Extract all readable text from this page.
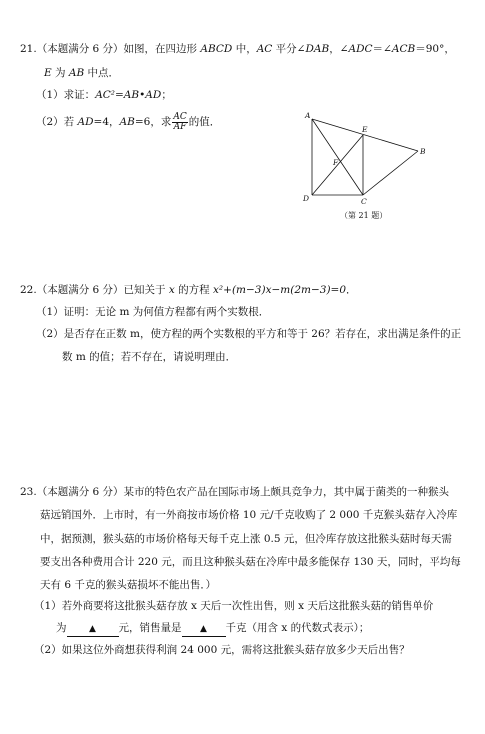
21.（本题满分 6 分）如图，在四边形 ABCD 中，AC 平分∠DAB，∠ADC＝∠ACB＝90°，
E 为 AB 中点．
（1）求证：AC²=AB•AD；
（2）若 AD=4，AB=6，求 $\frac{AC}{AF}$ 的值．
A
B
C
D
E
F
（第 21 题）
22.（本题满分 6 分）已知关于 x 的方程 x²+(m−3)x−m(2m−3)=0．
（1）证明：无论 m 为何值方程都有两个实数根．
（2）是否存在正数 m，使方程的两个实数根的平方和等于 26？若存在，求出满足条件的正
数 m 的值；若不存在，请说明理由．
23.（本题满分 6 分）某市的特色农产品在国际市场上颇具竞争力，其中属于菌类的一种猴头
菇远销国外．上市时，有一外商按市场价格 10 元/千克收购了 2 000 千克猴头菇存入冷库
中，据预测，猴头菇的市场价格每天每千克上涨 0.5 元，但冷库存放这批猴头菇时每天需
要支出各种费用合计 220 元，而且这种猴头菇在冷库中最多能保存 130 天，同时，平均每
天有 6 千克的猴头菇损坏不能出售．）
（1）若外商要将这批猴头菇存放 x 天后一次性出售，则 x 天后这批猴头菇的销售单价
为	▲ 元，销售量是 ▲ 千克（用含 x 的代数式表示）；
（2）如果这位外商想获得利润 24 000 元，需将这批猴头菇存放多少天后出售？
